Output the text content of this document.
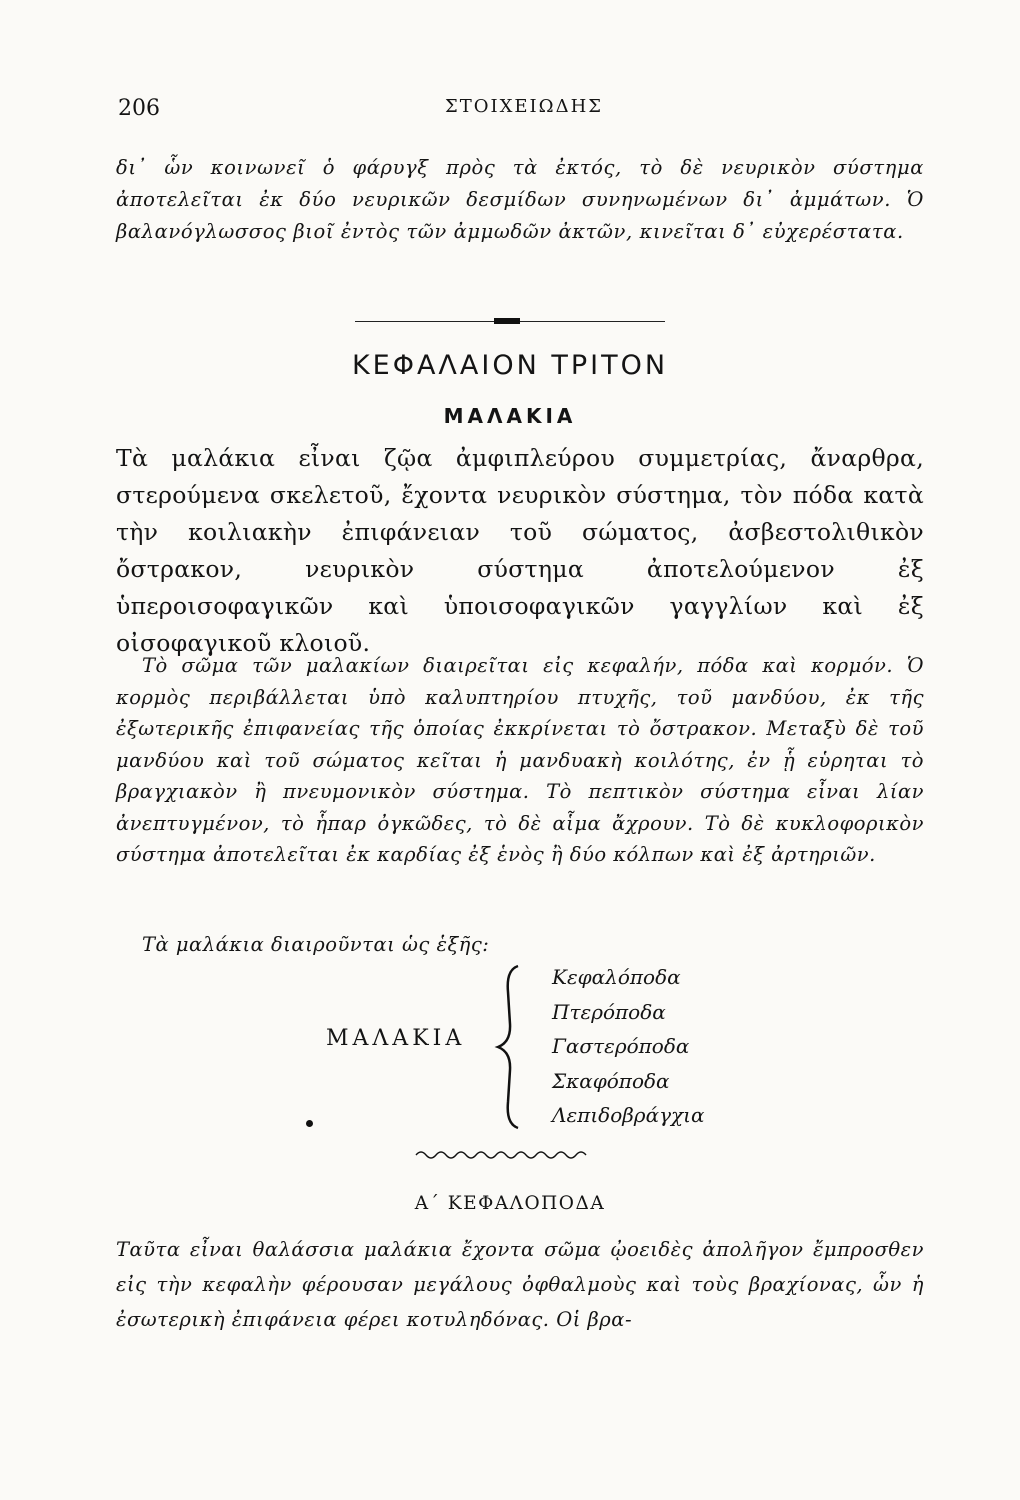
206	ΣΤΟΙΧΕΙΩΔΗΣ

δι᾽ ὧν κοινωνεῖ ὁ φάρυγξ πρὸς τὰ ἐκτός, τὸ δὲ νευρικὸν σύστημα ἀποτελεῖται ἐκ δύο νευρικῶν δεσμίδων συνηνωμένων δι᾽ ἀμμάτων. Ὁ βαλανόγλωσσος βιοῖ ἐντὸς τῶν ἀμμωδῶν ἀκτῶν, κινεῖται δ᾽ εὐχερέστατα.

ΚΕΦΑΛΑΙΟΝ ΤΡΙΤΟΝ
ΜΑΛΑΚΙΑ

Τὰ μαλάκια εἶναι ζῷα ἀμφιπλεύρου συμμετρίας, ἄναρθρα, στερούμενα σκελετοῦ, ἔχοντα νευρικὸν σύστημα, τὸν πόδα κατὰ τὴν κοιλιακὴν ἐπιφάνειαν τοῦ σώματος, ἀσβεστολιθικὸν ὄστρακον, νευρικὸν σύστημα ἀποτελούμενον ἐξ ὑπεροισοφαγικῶν καὶ ὑποισοφαγικῶν γαγγλίων καὶ ἐξ οἰσοφαγικοῦ κλοιοῦ.

Τὸ σῶμα τῶν μαλακίων διαιρεῖται εἰς κεφαλήν, πόδα καὶ κορμόν. Ὁ κορμὸς περιβάλλεται ὑπὸ καλυπτηρίου πτυχῆς, τοῦ μανδύου, ἐκ τῆς ἐξωτερικῆς ἐπιφανείας τῆς ὁποίας ἐκκρίνεται τὸ ὄστρακον. Μεταξὺ δὲ τοῦ μανδύου καὶ τοῦ σώματος κεῖται ἡ μανδυακὴ κοιλότης, ἐν ᾗ εὑρηται τὸ βραγχιακὸν ἢ πνευμονικὸν σύστημα. Τὸ πεπτικὸν σύστημα εἶναι λίαν ἀνεπτυγμένον, τὸ ἧπαρ ὀγκῶδες, τὸ δὲ αἷμα ἄχρουν. Τὸ δὲ κυκλοφορικὸν σύστημα ἀποτελεῖται ἐκ καρδίας ἐξ ἑνὸς ἢ δύο κόλπων καὶ ἐξ ἀρτηριῶν.

Τὰ μαλάκια διαιροῦνται ὡς ἑξῆς:

ΜΑΛΑΚΙΑ
Κεφαλόποδα
Πτερόποδα
Γαστερόποδα
Σκαφόποδα
Λεπιδοβράγχια
Α΄ ΚΕΦΑΛΟΠΟΔΑ

Ταῦτα εἶναι θαλάσσια μαλάκια ἔχοντα σῶμα ᾠοειδὲς ἀπολῆγον ἔμπροσθεν εἰς τὴν κεφαλὴν φέρουσαν μεγάλους ὀφθαλμοὺς καὶ τοὺς βραχίονας, ὧν ἡ ἐσωτερικὴ ἐπιφάνεια φέρει κοτυληδόνας. Οἱ βρα-
